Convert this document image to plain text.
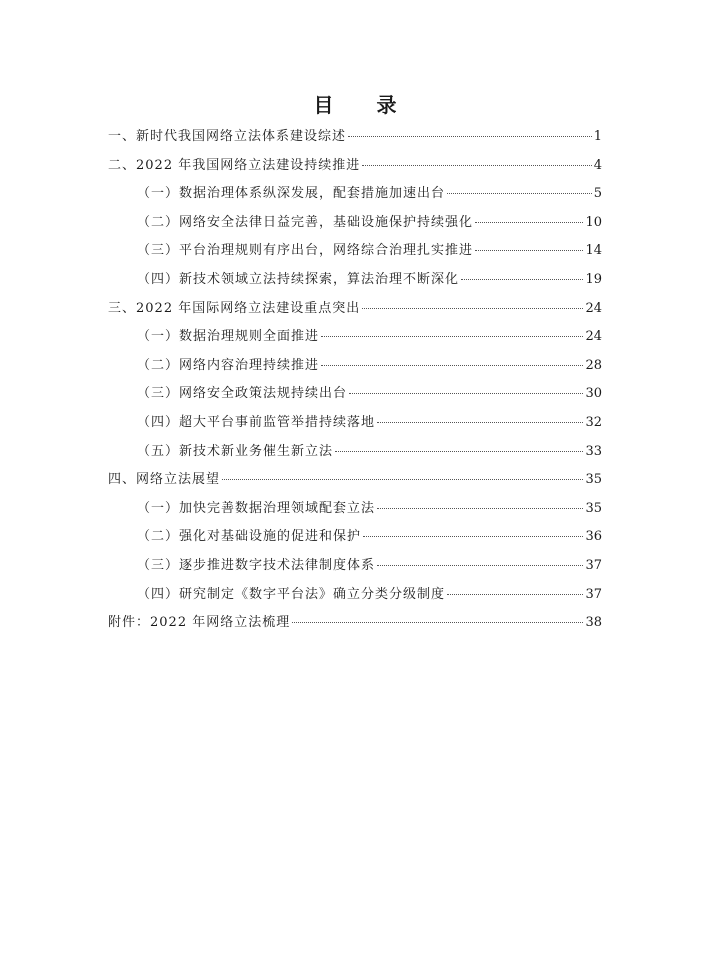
目 录
一、新时代我国网络立法体系建设综述	1
二、2022 年我国网络立法建设持续推进	4
（一）数据治理体系纵深发展，配套措施加速出台	5
（二）网络安全法律日益完善，基础设施保护持续强化	10
（三）平台治理规则有序出台，网络综合治理扎实推进	14
（四）新技术领域立法持续探索，算法治理不断深化	19
三、2022 年国际网络立法建设重点突出	24
（一）数据治理规则全面推进	24
（二）网络内容治理持续推进	28
（三）网络安全政策法规持续出台	30
（四）超大平台事前监管举措持续落地	32
（五）新技术新业务催生新立法	33
四、网络立法展望	35
（一）加快完善数据治理领域配套立法	35
（二）强化对基础设施的促进和保护	36
（三）逐步推进数字技术法律制度体系	37
（四）研究制定《数字平台法》确立分类分级制度	37
附件：2022 年网络立法梳理	38
